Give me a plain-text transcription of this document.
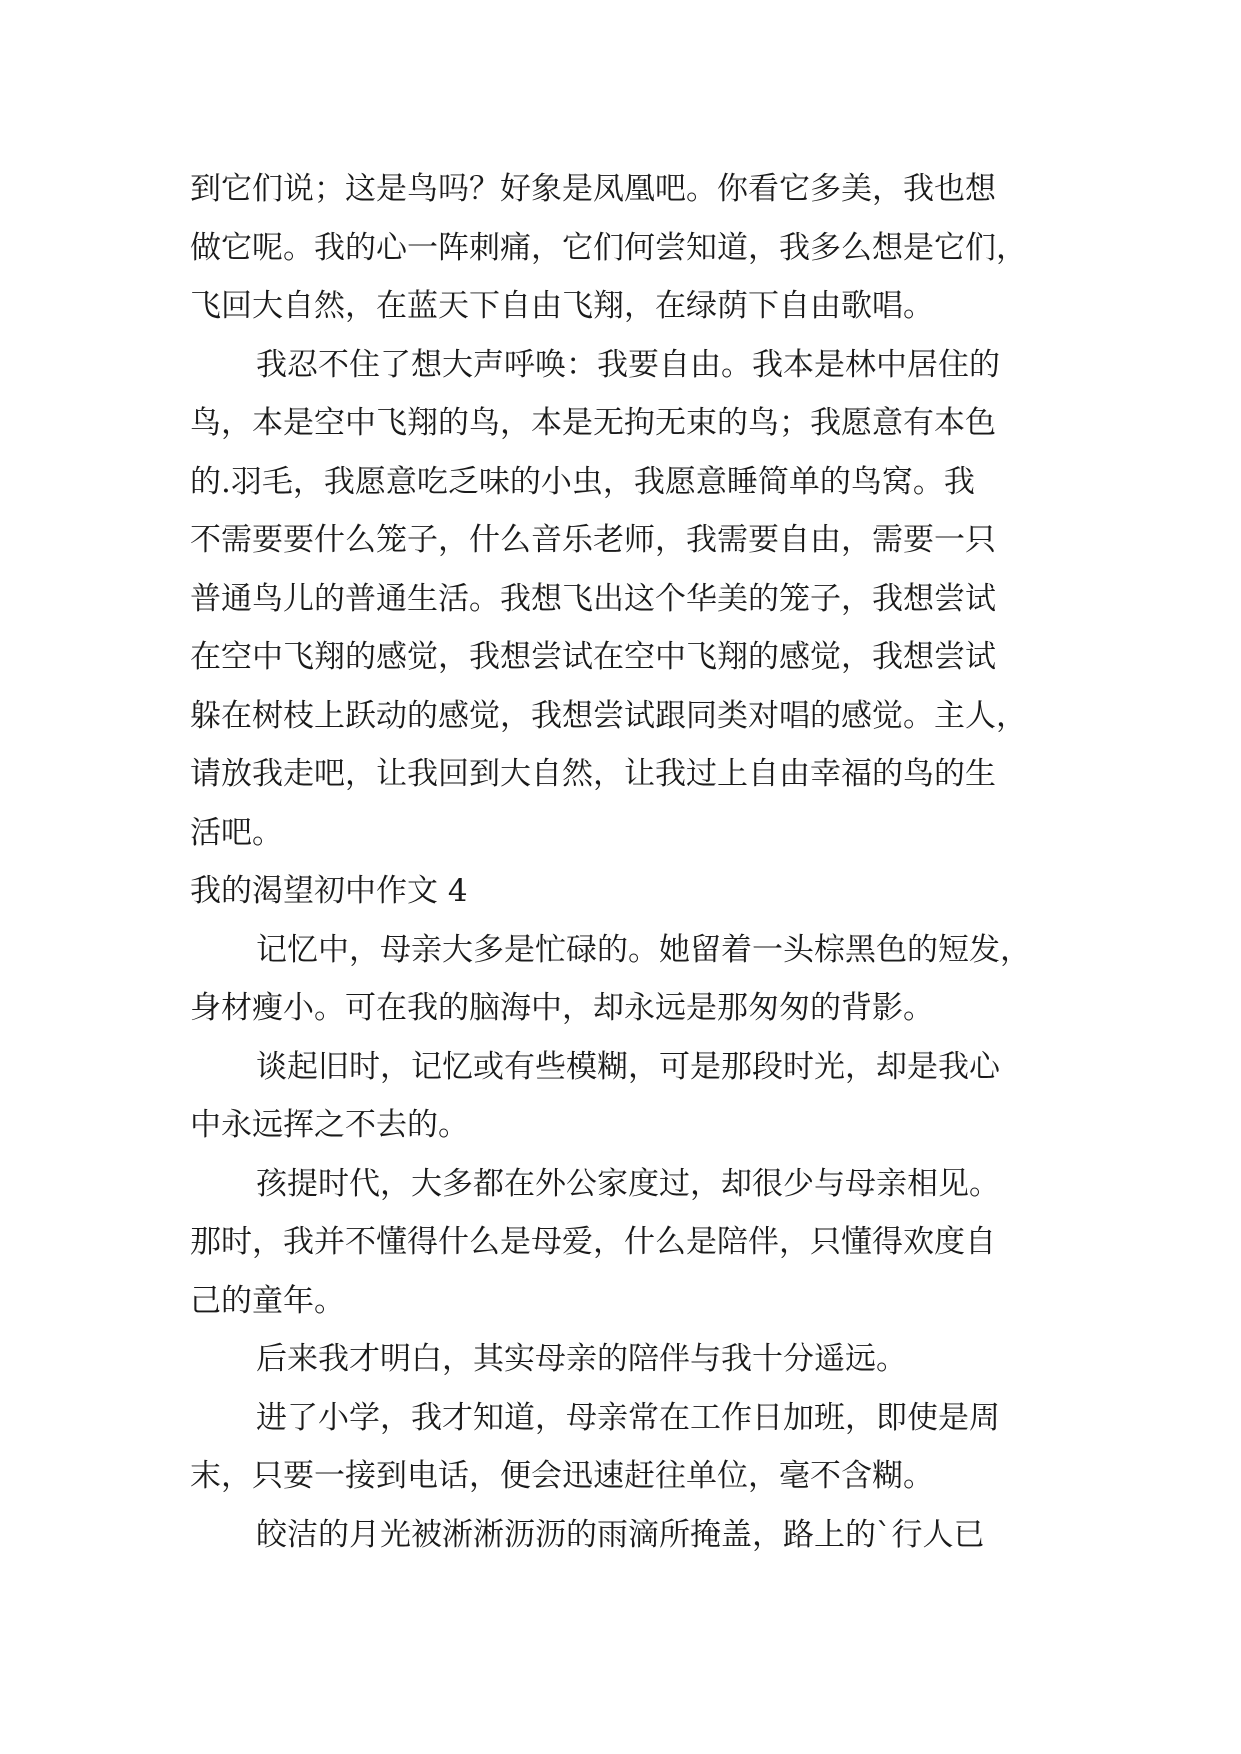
到它们说；这是鸟吗？好象是凤凰吧。你看它多美，我也想
做它呢。我的心一阵刺痛，它们何尝知道，我多么想是它们，
飞回大自然，在蓝天下自由飞翔，在绿荫下自由歌唱。
我忍不住了想大声呼唤：我要自由。我本是林中居住的
鸟，本是空中飞翔的鸟，本是无拘无束的鸟；我愿意有本色
的.羽毛，我愿意吃乏味的小虫，我愿意睡简单的鸟窝。我
不需要要什么笼子，什么音乐老师，我需要自由，需要一只
普通鸟儿的普通生活。我想飞出这个华美的笼子，我想尝试
在空中飞翔的感觉，我想尝试在空中飞翔的感觉，我想尝试
躲在树枝上跃动的感觉，我想尝试跟同类对唱的感觉。主人，
请放我走吧，让我回到大自然，让我过上自由幸福的鸟的生
活吧。
我的渴望初中作文 4
记忆中，母亲大多是忙碌的。她留着一头棕黑色的短发，
身材瘦小。可在我的脑海中，却永远是那匆匆的背影。
谈起旧时，记忆或有些模糊，可是那段时光，却是我心
中永远挥之不去的。
孩提时代，大多都在外公家度过，却很少与母亲相见。
那时，我并不懂得什么是母爱，什么是陪伴，只懂得欢度自
己的童年。
后来我才明白，其实母亲的陪伴与我十分遥远。
进了小学，我才知道，母亲常在工作日加班，即使是周
末，只要一接到电话，便会迅速赶往单位，毫不含糊。
皎洁的月光被淅淅沥沥的雨滴所掩盖，路上的`行人已
